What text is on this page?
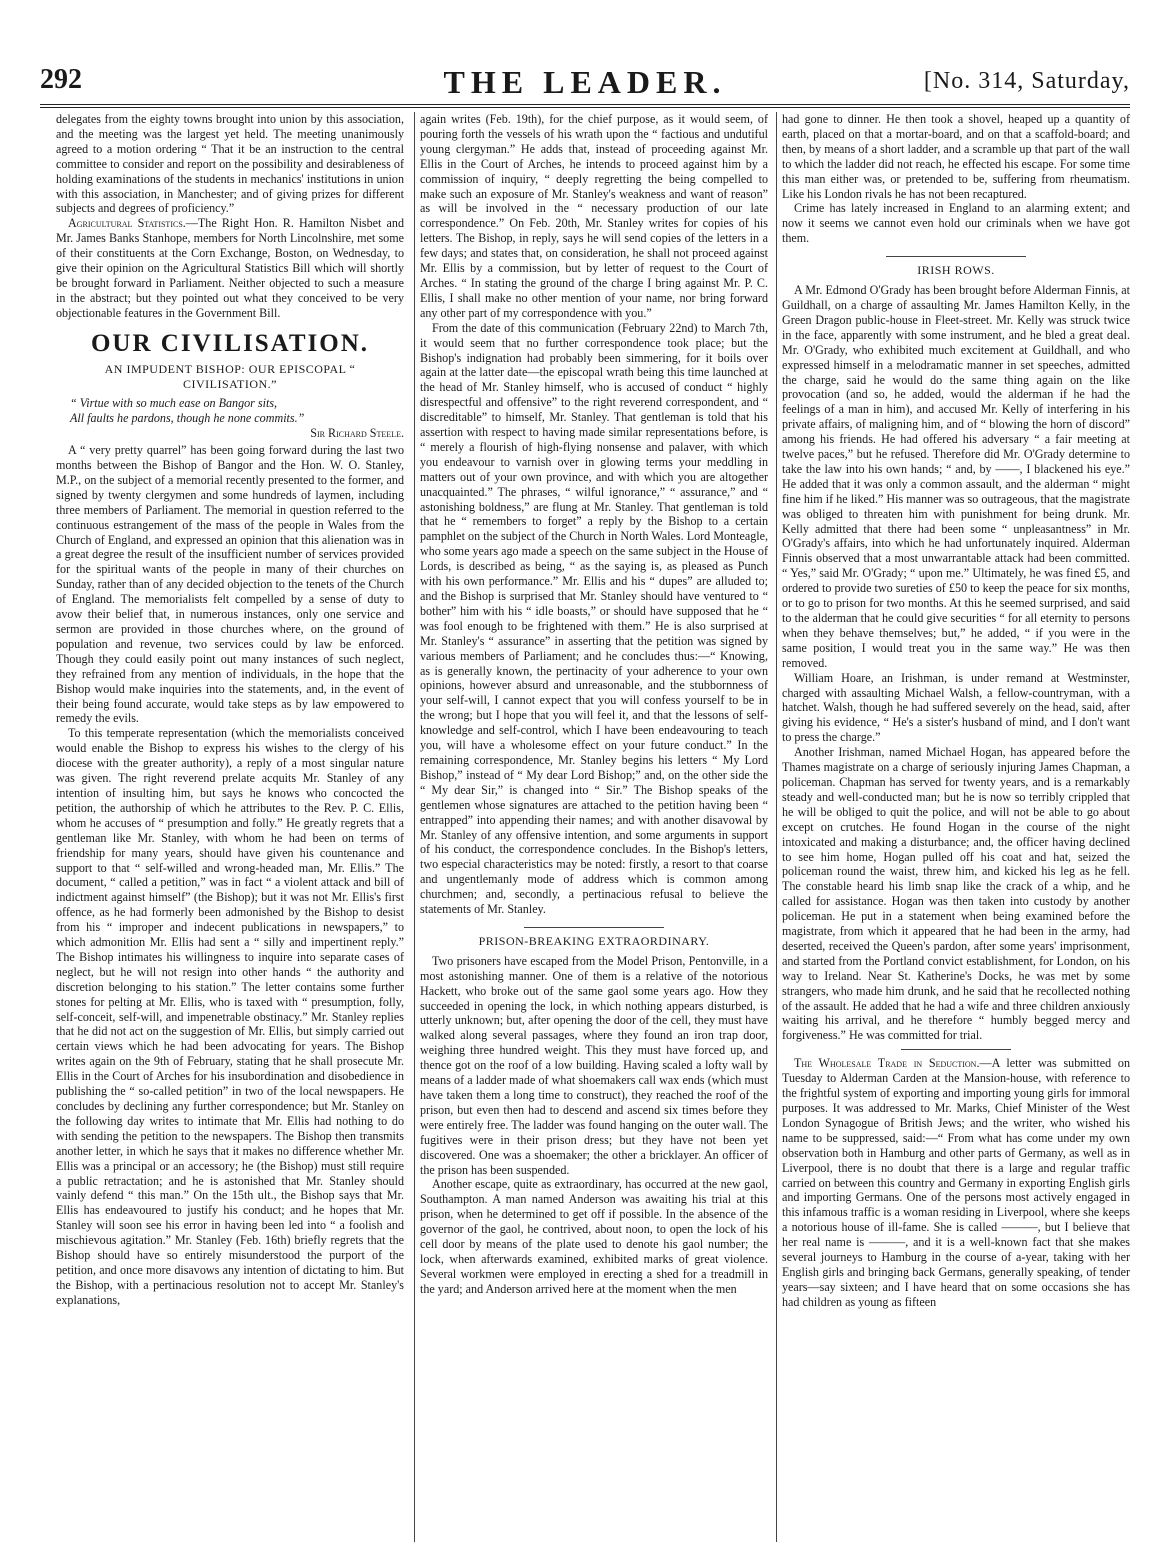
292	THE LEADER.	[No. 314, Saturday,

delegates from the eighty towns brought into union by this association, and the meeting was the largest yet held. The meeting unanimously agreed to a motion ordering “ That it be an instruction to the central committee to consider and report on the possibility and desirableness of holding examinations of the students in mechanics' institutions in union with this association, in Manchester; and of giving prizes for different subjects and degrees of proficiency.”

Agricultural Statistics.—The Right Hon. R. Hamilton Nisbet and Mr. James Banks Stanhope, members for North Lincolnshire, met some of their constituents at the Corn Exchange, Boston, on Wednesday, to give their opinion on the Agricultural Statistics Bill which will shortly be brought forward in Parliament. Neither objected to such a measure in the abstract; but they pointed out what they conceived to be very objectionable features in the Government Bill.

OUR CIVILISATION.
AN IMPUDENT BISHOP: OUR EPISCOPAL “ CIVILISATION.”

“ Virtue with so much ease on Bangor sits,

All faults he pardons, though he none commits.”

Sir Richard Steele.

A “ very pretty quarrel” has been going forward during the last two months between the Bishop of Bangor and the Hon. W. O. Stanley, M.P., on the subject of a memorial recently presented to the former, and signed by twenty clergymen and some hundreds of laymen, including three members of Parliament. The memorial in question referred to the continuous estrangement of the mass of the people in Wales from the Church of England, and expressed an opinion that this alienation was in a great degree the result of the insufficient number of services provided for the spiritual wants of the people in many of their churches on Sunday, rather than of any decided objection to the tenets of the Church of England. The memorialists felt compelled by a sense of duty to avow their belief that, in numerous instances, only one service and sermon are provided in those churches where, on the ground of population and revenue, two services could by law be enforced. Though they could easily point out many instances of such neglect, they refrained from any mention of individuals, in the hope that the Bishop would make inquiries into the statements, and, in the event of their being found accurate, would take steps as by law empowered to remedy the evils.

To this temperate representation (which the memorialists conceived would enable the Bishop to express his wishes to the clergy of his diocese with the greater authority), a reply of a most singular nature was given. The right reverend prelate acquits Mr. Stanley of any intention of insulting him, but says he knows who concocted the petition, the authorship of which he attributes to the Rev. P. C. Ellis, whom he accuses of “ presumption and folly.” He greatly regrets that a gentleman like Mr. Stanley, with whom he had been on terms of friendship for many years, should have given his countenance and support to that “ self-willed and wrong-headed man, Mr. Ellis.” The document, “ called a petition,” was in fact “ a violent attack and bill of indictment against himself” (the Bishop); but it was not Mr. Ellis's first offence, as he had formerly been admonished by the Bishop to desist from his “ improper and indecent publications in newspapers,” to which admonition Mr. Ellis had sent a “ silly and impertinent reply.” The Bishop intimates his willingness to inquire into separate cases of neglect, but he will not resign into other hands “ the authority and discretion belonging to his station.” The letter contains some further stones for pelting at Mr. Ellis, who is taxed with “ presumption, folly, self-conceit, self-will, and impenetrable obstinacy.” Mr. Stanley replies that he did not act on the suggestion of Mr. Ellis, but simply carried out certain views which he had been advocating for years. The Bishop writes again on the 9th of February, stating that he shall prosecute Mr. Ellis in the Court of Arches for his insubordination and disobedience in publishing the “ so-called petition” in two of the local newspapers. He concludes by declining any further correspondence; but Mr. Stanley on the following day writes to intimate that Mr. Ellis had nothing to do with sending the petition to the newspapers. The Bishop then transmits another letter, in which he says that it makes no difference whether Mr. Ellis was a principal or an accessory; he (the Bishop) must still require a public retractation; and he is astonished that Mr. Stanley should vainly defend “ this man.” On the 15th ult., the Bishop says that Mr. Ellis has endeavoured to justify his conduct; and he hopes that Mr. Stanley will soon see his error in having been led into “ a foolish and mischievous agitation.” Mr. Stanley (Feb. 16th) briefly regrets that the Bishop should have so entirely misunderstood the purport of the petition, and once more disavows any intention of dictating to him. But the Bishop, with a pertinacious resolution not to accept Mr. Stanley's explanations,

again writes (Feb. 19th), for the chief purpose, as it would seem, of pouring forth the vessels of his wrath upon the “ factious and undutiful young clergyman.” He adds that, instead of proceeding against Mr. Ellis in the Court of Arches, he intends to proceed against him by a commission of inquiry, “ deeply regretting the being compelled to make such an exposure of Mr. Stanley's weakness and want of reason” as will be involved in the “ necessary production of our late correspondence.” On Feb. 20th, Mr. Stanley writes for copies of his letters. The Bishop, in reply, says he will send copies of the letters in a few days; and states that, on consideration, he shall not proceed against Mr. Ellis by a commission, but by letter of request to the Court of Arches. “ In stating the ground of the charge I bring against Mr. P. C. Ellis, I shall make no other mention of your name, nor bring forward any other part of my correspondence with you.”

From the date of this communication (February 22nd) to March 7th, it would seem that no further correspondence took place; but the Bishop's indignation had probably been simmering, for it boils over again at the latter date—the episcopal wrath being this time launched at the head of Mr. Stanley himself, who is accused of conduct “ highly disrespectful and offensive” to the right reverend correspondent, and “ discreditable” to himself, Mr. Stanley. That gentleman is told that his assertion with respect to having made similar representations before, is “ merely a flourish of high-flying nonsense and palaver, with which you endeavour to varnish over in glowing terms your meddling in matters out of your own province, and with which you are altogether unacquainted.” The phrases, “ wilful ignorance,” “ assurance,” and “ astonishing boldness,” are flung at Mr. Stanley. That gentleman is told that he “ remembers to forget” a reply by the Bishop to a certain pamphlet on the subject of the Church in North Wales. Lord Monteagle, who some years ago made a speech on the same subject in the House of Lords, is described as being, “ as the saying is, as pleased as Punch with his own performance.” Mr. Ellis and his “ dupes” are alluded to; and the Bishop is surprised that Mr. Stanley should have ventured to “ bother” him with his “ idle boasts,” or should have supposed that he “ was fool enough to be frightened with them.” He is also surprised at Mr. Stanley's “ assurance” in asserting that the petition was signed by various members of Parliament; and he concludes thus:—“ Knowing, as is generally known, the pertinacity of your adherence to your own opinions, however absurd and unreasonable, and the stubbornness of your self-will, I cannot expect that you will confess yourself to be in the wrong; but I hope that you will feel it, and that the lessons of self-knowledge and self-control, which I have been endeavouring to teach you, will have a wholesome effect on your future conduct.” In the remaining correspondence, Mr. Stanley begins his letters “ My Lord Bishop,” instead of “ My dear Lord Bishop;” and, on the other side the “ My dear Sir,” is changed into “ Sir.” The Bishop speaks of the gentlemen whose signatures are attached to the petition having been “ entrapped” into appending their names; and with another disavowal by Mr. Stanley of any offensive intention, and some arguments in support of his conduct, the correspondence concludes. In the Bishop's letters, two especial characteristics may be noted: firstly, a resort to that coarse and ungentlemanly mode of address which is common among churchmen; and, secondly, a pertinacious refusal to believe the statements of Mr. Stanley.

PRISON-BREAKING EXTRAORDINARY.

Two prisoners have escaped from the Model Prison, Pentonville, in a most astonishing manner. One of them is a relative of the notorious Hackett, who broke out of the same gaol some years ago. How they succeeded in opening the lock, in which nothing appears disturbed, is utterly unknown; but, after opening the door of the cell, they must have walked along several passages, where they found an iron trap door, weighing three hundred weight. This they must have forced up, and thence got on the roof of a low building. Having scaled a lofty wall by means of a ladder made of what shoemakers call wax ends (which must have taken them a long time to construct), they reached the roof of the prison, but even then had to descend and ascend six times before they were entirely free. The ladder was found hanging on the outer wall. The fugitives were in their prison dress; but they have not been yet discovered. One was a shoemaker; the other a bricklayer. An officer of the prison has been suspended.

Another escape, quite as extraordinary, has occurred at the new gaol, Southampton. A man named Anderson was awaiting his trial at this prison, when he determined to get off if possible. In the absence of the governor of the gaol, he contrived, about noon, to open the lock of his cell door by means of the plate used to denote his gaol number; the lock, when afterwards examined, exhibited marks of great violence. Several workmen were employed in erecting a shed for a treadmill in the yard; and Anderson arrived here at the moment when the men

had gone to dinner. He then took a shovel, heaped up a quantity of earth, placed on that a mortar-board, and on that a scaffold-board; and then, by means of a short ladder, and a scramble up that part of the wall to which the ladder did not reach, he effected his escape. For some time this man either was, or pretended to be, suffering from rheumatism. Like his London rivals he has not been recaptured.

Crime has lately increased in England to an alarming extent; and now it seems we cannot even hold our criminals when we have got them.

IRISH ROWS.

A Mr. Edmond O'Grady has been brought before Alderman Finnis, at Guildhall, on a charge of assaulting Mr. James Hamilton Kelly, in the Green Dragon public-house in Fleet-street. Mr. Kelly was struck twice in the face, apparently with some instrument, and he bled a great deal. Mr. O'Grady, who exhibited much excitement at Guildhall, and who expressed himself in a melodramatic manner in set speeches, admitted the charge, said he would do the same thing again on the like provocation (and so, he added, would the alderman if he had the feelings of a man in him), and accused Mr. Kelly of interfering in his private affairs, of maligning him, and of “ blowing the horn of discord” among his friends. He had offered his adversary “ a fair meeting at twelve paces,” but he refused. Therefore did Mr. O'Grady determine to take the law into his own hands; “ and, by ——, I blackened his eye.” He added that it was only a common assault, and the alderman “ might fine him if he liked.” His manner was so outrageous, that the magistrate was obliged to threaten him with punishment for being drunk. Mr. Kelly admitted that there had been some “ unpleasantness” in Mr. O'Grady's affairs, into which he had unfortunately inquired. Alderman Finnis observed that a most unwarrantable attack had been committed. “ Yes,” said Mr. O'Grady; “ upon me.” Ultimately, he was fined £5, and ordered to provide two sureties of £50 to keep the peace for six months, or to go to prison for two months. At this he seemed surprised, and said to the alderman that he could give securities “ for all eternity to persons when they behave themselves; but,” he added, “ if you were in the same position, I would treat you in the same way.” He was then removed.

William Hoare, an Irishman, is under remand at Westminster, charged with assaulting Michael Walsh, a fellow-countryman, with a hatchet. Walsh, though he had suffered severely on the head, said, after giving his evidence, “ He's a sister's husband of mind, and I don't want to press the charge.”

Another Irishman, named Michael Hogan, has appeared before the Thames magistrate on a charge of seriously injuring James Chapman, a policeman. Chapman has served for twenty years, and is a remarkably steady and well-conducted man; but he is now so terribly crippled that he will be obliged to quit the police, and will not be able to go about except on crutches. He found Hogan in the course of the night intoxicated and making a disturbance; and, the officer having declined to see him home, Hogan pulled off his coat and hat, seized the policeman round the waist, threw him, and kicked his leg as he fell. The constable heard his limb snap like the crack of a whip, and he called for assistance. Hogan was then taken into custody by another policeman. He put in a statement when being examined before the magistrate, from which it appeared that he had been in the army, had deserted, received the Queen's pardon, after some years' imprisonment, and started from the Portland convict establishment, for London, on his way to Ireland. Near St. Katherine's Docks, he was met by some strangers, who made him drunk, and he said that he recollected nothing of the assault. He added that he had a wife and three children anxiously waiting his arrival, and he therefore “ humbly begged mercy and forgiveness.” He was committed for trial.

The Wholesale Trade in Seduction.—A letter was submitted on Tuesday to Alderman Carden at the Mansion-house, with reference to the frightful system of exporting and importing young girls for immoral purposes. It was addressed to Mr. Marks, Chief Minister of the West London Synagogue of British Jews; and the writer, who wished his name to be suppressed, said:—“ From what has come under my own observation both in Hamburg and other parts of Germany, as well as in Liverpool, there is no doubt that there is a large and regular traffic carried on between this country and Germany in exporting English girls and importing Germans. One of the persons most actively engaged in this infamous traffic is a woman residing in Liverpool, where she keeps a notorious house of ill-fame. She is called ———, but I believe that her real name is ———, and it is a well-known fact that she makes several journeys to Hamburg in the course of a-year, taking with her English girls and bringing back Germans, generally speaking, of tender years—say sixteen; and I have heard that on some occasions she has had children as young as fifteen
